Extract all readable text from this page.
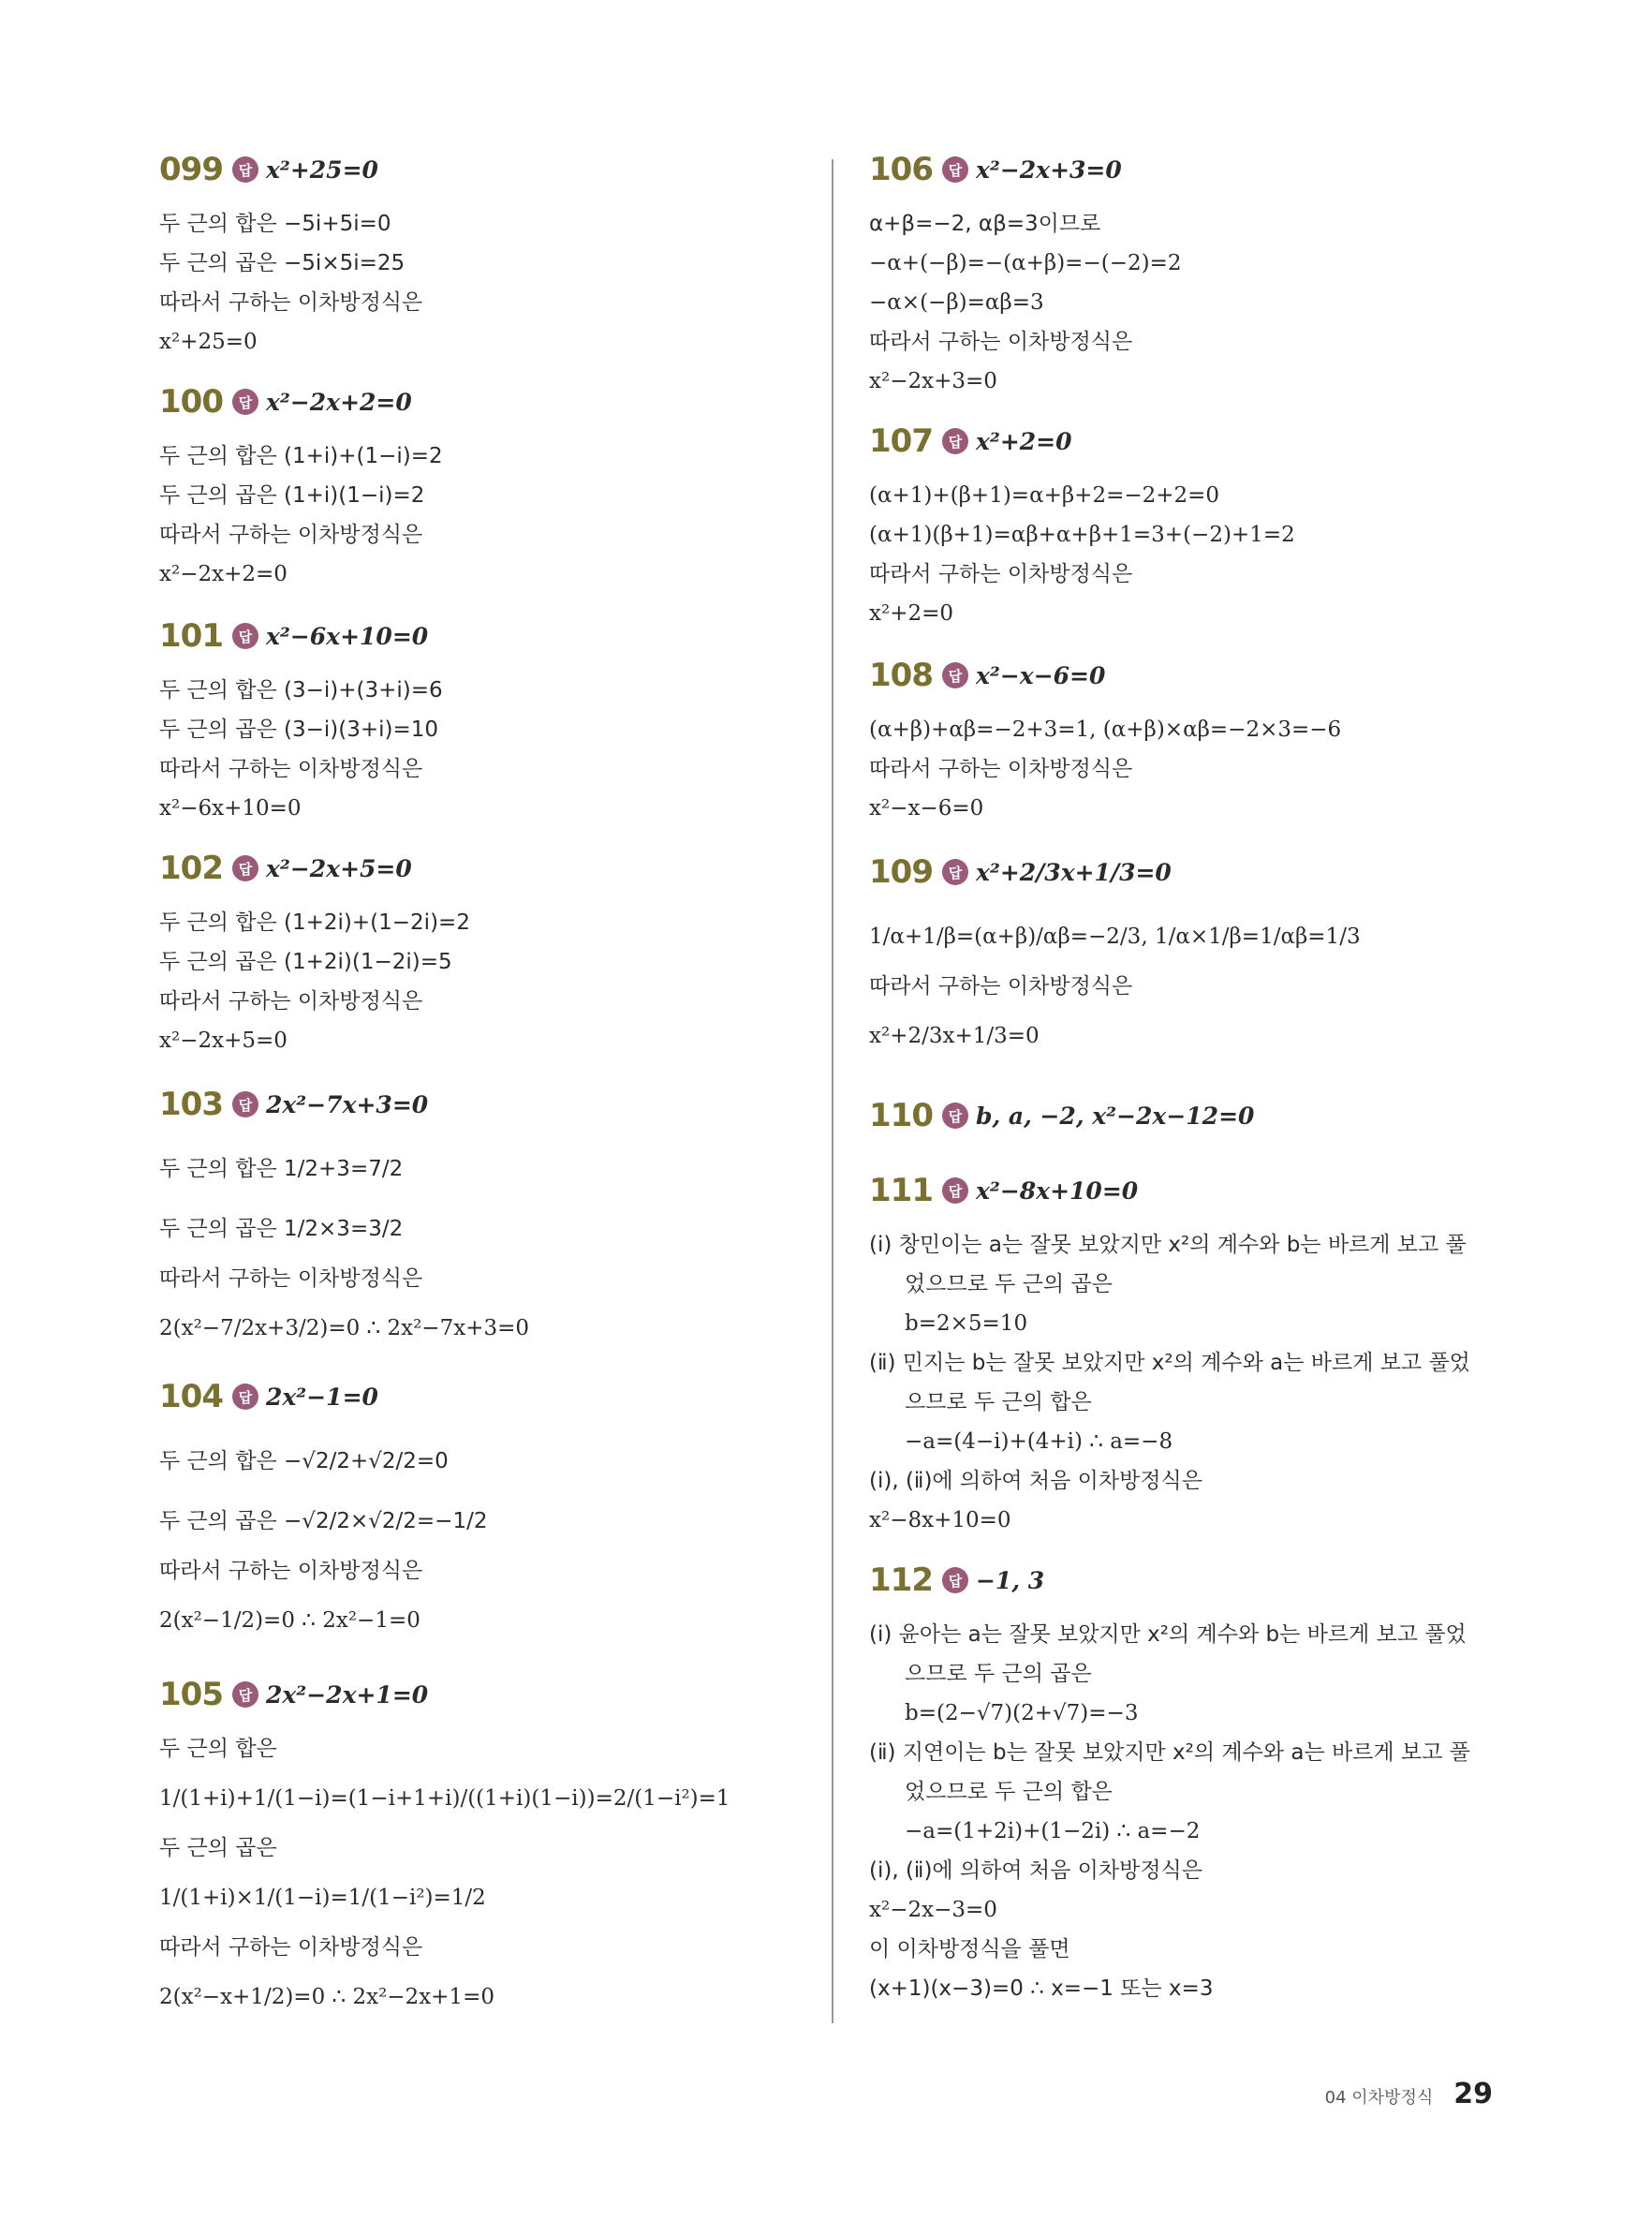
099	답 x²+25=0
두 근의 합은 −5i+5i=0
두 근의 곱은 −5i×5i=25
따라서 구하는 이차방정식은
x²+25=0
100	답 x²−2x+2=0
두 근의 합은 (1+i)+(1−i)=2
두 근의 곱은 (1+i)(1−i)=2
따라서 구하는 이차방정식은
x²−2x+2=0
101	답 x²−6x+10=0
두 근의 합은 (3−i)+(3+i)=6
두 근의 곱은 (3−i)(3+i)=10
따라서 구하는 이차방정식은
x²−6x+10=0
102	답 x²−2x+5=0
두 근의 합은 (1+2i)+(1−2i)=2
두 근의 곱은 (1+2i)(1−2i)=5
따라서 구하는 이차방정식은
x²−2x+5=0
103	답 2x²−7x+3=0
두 근의 합은 1/2+3=7/2
두 근의 곱은 1/2×3=3/2
따라서 구하는 이차방정식은
2(x²−7/2x+3/2)=0 ∴ 2x²−7x+3=0
104	답 2x²−1=0
두 근의 합은 −√2/2+√2/2=0
두 근의 곱은 −√2/2×√2/2=−1/2
따라서 구하는 이차방정식은
2(x²−1/2)=0 ∴ 2x²−1=0
105	답 2x²−2x+1=0
두 근의 합은
1/(1+i)+1/(1−i)=(1−i+1+i)/((1+i)(1−i))=2/(1−i²)=1
두 근의 곱은
1/(1+i)×1/(1−i)=1/(1−i²)=1/2
따라서 구하는 이차방정식은
2(x²−x+1/2)=0 ∴ 2x²−2x+1=0
106	답 x²−2x+3=0
α+β=−2, αβ=3이므로
−α+(−β)=−(α+β)=−(−2)=2
−α×(−β)=αβ=3
따라서 구하는 이차방정식은
x²−2x+3=0
107	답 x²+2=0
(α+1)+(β+1)=α+β+2=−2+2=0
(α+1)(β+1)=αβ+α+β+1=3+(−2)+1=2
따라서 구하는 이차방정식은
x²+2=0
108	답 x²−x−6=0
(α+β)+αβ=−2+3=1, (α+β)×αβ=−2×3=−6
따라서 구하는 이차방정식은
x²−x−6=0
109	답 x²+2/3x+1/3=0
1/α+1/β=(α+β)/αβ=−2/3, 1/α×1/β=1/αβ=1/3
따라서 구하는 이차방정식은
x²+2/3x+1/3=0
110	답 b, a, −2, x²−2x−12=0
111	답 x²−8x+10=0
(ⅰ) 창민이는 a는 잘못 보았지만 x²의 계수와 b는 바르게 보고 풀
었으므로 두 근의 곱은
b=2×5=10
(ⅱ) 민지는 b는 잘못 보았지만 x²의 계수와 a는 바르게 보고 풀었
으므로 두 근의 합은
−a=(4−i)+(4+i) ∴ a=−8
(ⅰ), (ⅱ)에 의하여 처음 이차방정식은
x²−8x+10=0
112	답 −1, 3
(ⅰ) 윤아는 a는 잘못 보았지만 x²의 계수와 b는 바르게 보고 풀었
으므로 두 근의 곱은
b=(2−√7)(2+√7)=−3
(ⅱ) 지연이는 b는 잘못 보았지만 x²의 계수와 a는 바르게 보고 풀
었으므로 두 근의 합은
−a=(1+2i)+(1−2i) ∴ a=−2
(ⅰ), (ⅱ)에 의하여 처음 이차방정식은
x²−2x−3=0
이 이차방정식을 풀면
(x+1)(x−3)=0 ∴ x=−1 또는 x=3
04 이차방정식 29
